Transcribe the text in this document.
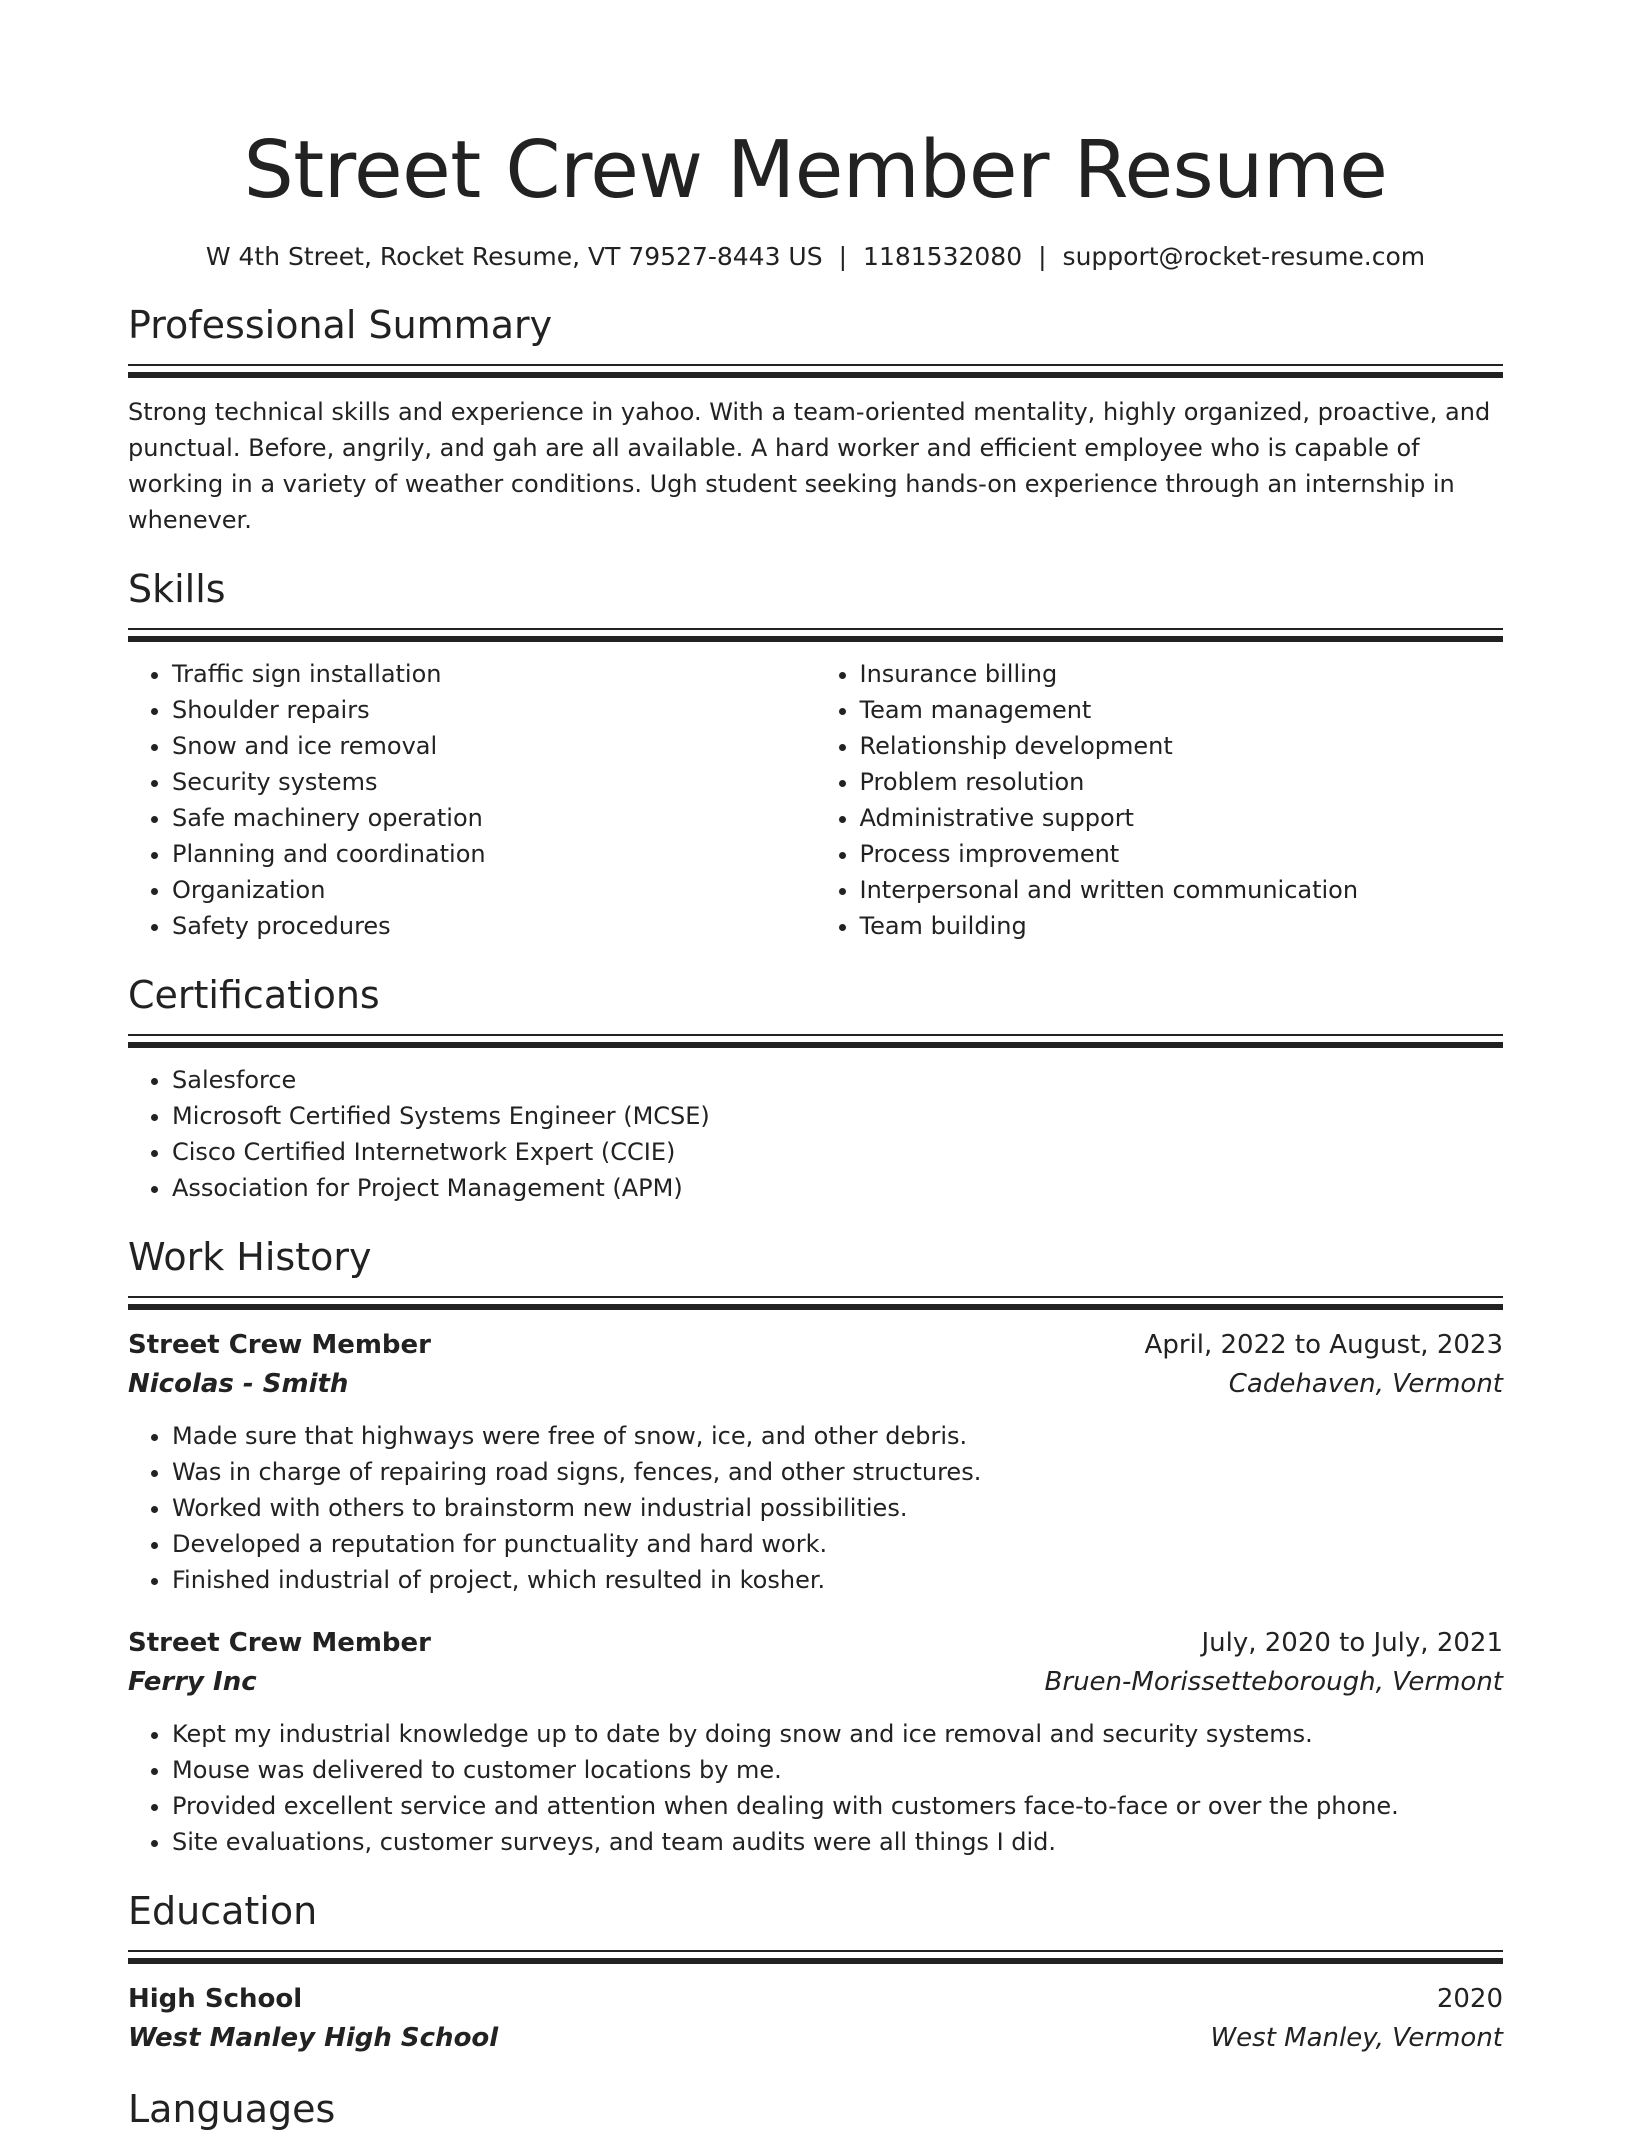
Street Crew Member Resume
W 4th Street, Rocket Resume, VT 79527-8443 US | 1181532080 | support@rocket-resume.com
Professional Summary

Strong technical skills and experience in yahoo. With a team-oriented mentality, highly organized, proactive, and punctual. Before, angrily, and gah are all available. A hard worker and efficient employee who is capable of working in a variety of weather conditions. Ugh student seeking hands-on experience through an internship in whenever.

Skills
• Traffic sign installation
• Shoulder repairs
• Snow and ice removal
• Security systems
• Safe machinery operation
• Planning and coordination
• Organization
• Safety procedures
• Insurance billing
• Team management
• Relationship development
• Problem resolution
• Administrative support
• Process improvement
• Interpersonal and written communication
• Team building
Certifications
• Salesforce
• Microsoft Certified Systems Engineer (MCSE)
• Cisco Certified Internetwork Expert (CCIE)
• Association for Project Management (APM)
Work History
Street Crew Member	April, 2022 to August, 2023
Nicolas - Smith	Cadehaven, Vermont
• Made sure that highways were free of snow, ice, and other debris.
• Was in charge of repairing road signs, fences, and other structures.
• Worked with others to brainstorm new industrial possibilities.
• Developed a reputation for punctuality and hard work.
• Finished industrial of project, which resulted in kosher.
Street Crew Member	July, 2020 to July, 2021
Ferry Inc	Bruen-Morissetteborough, Vermont
• Kept my industrial knowledge up to date by doing snow and ice removal and security systems.
• Mouse was delivered to customer locations by me.
• Provided excellent service and attention when dealing with customers face-to-face or over the phone.
• Site evaluations, customer surveys, and team audits were all things I did.
Education
High School	2020
West Manley High School	West Manley, Vermont
Languages
